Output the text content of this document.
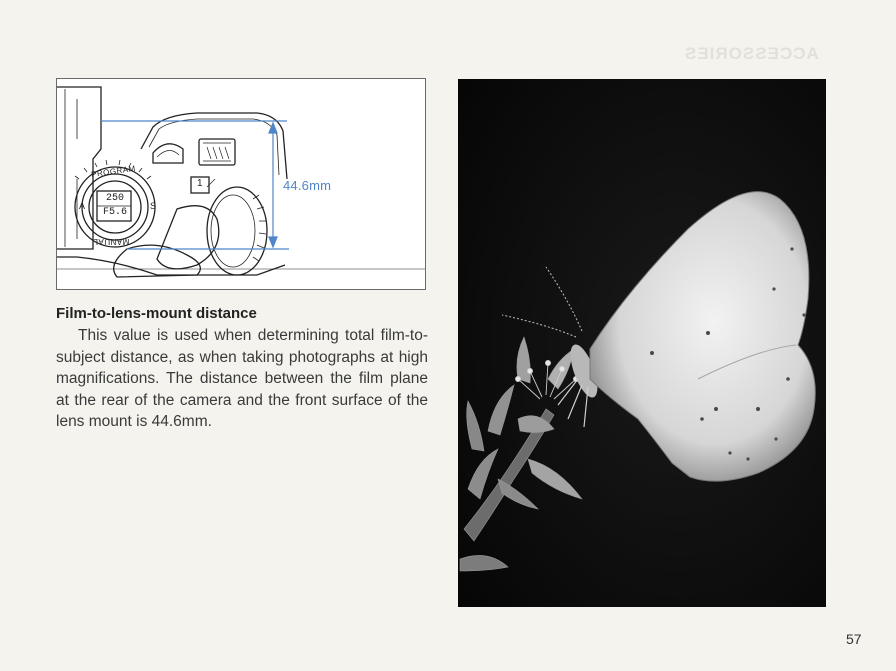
ACCESSORIES
PROGRAM
A	S
250
F5.6
MANUAL
1	44.6mm
Film-to-lens-mount distance
This value is used when determining total film-to-subject distance, as when taking photographs at high magnifications. The distance between the film plane at the rear of the camera and the front surface of the lens mount is 44.6mm.
57
